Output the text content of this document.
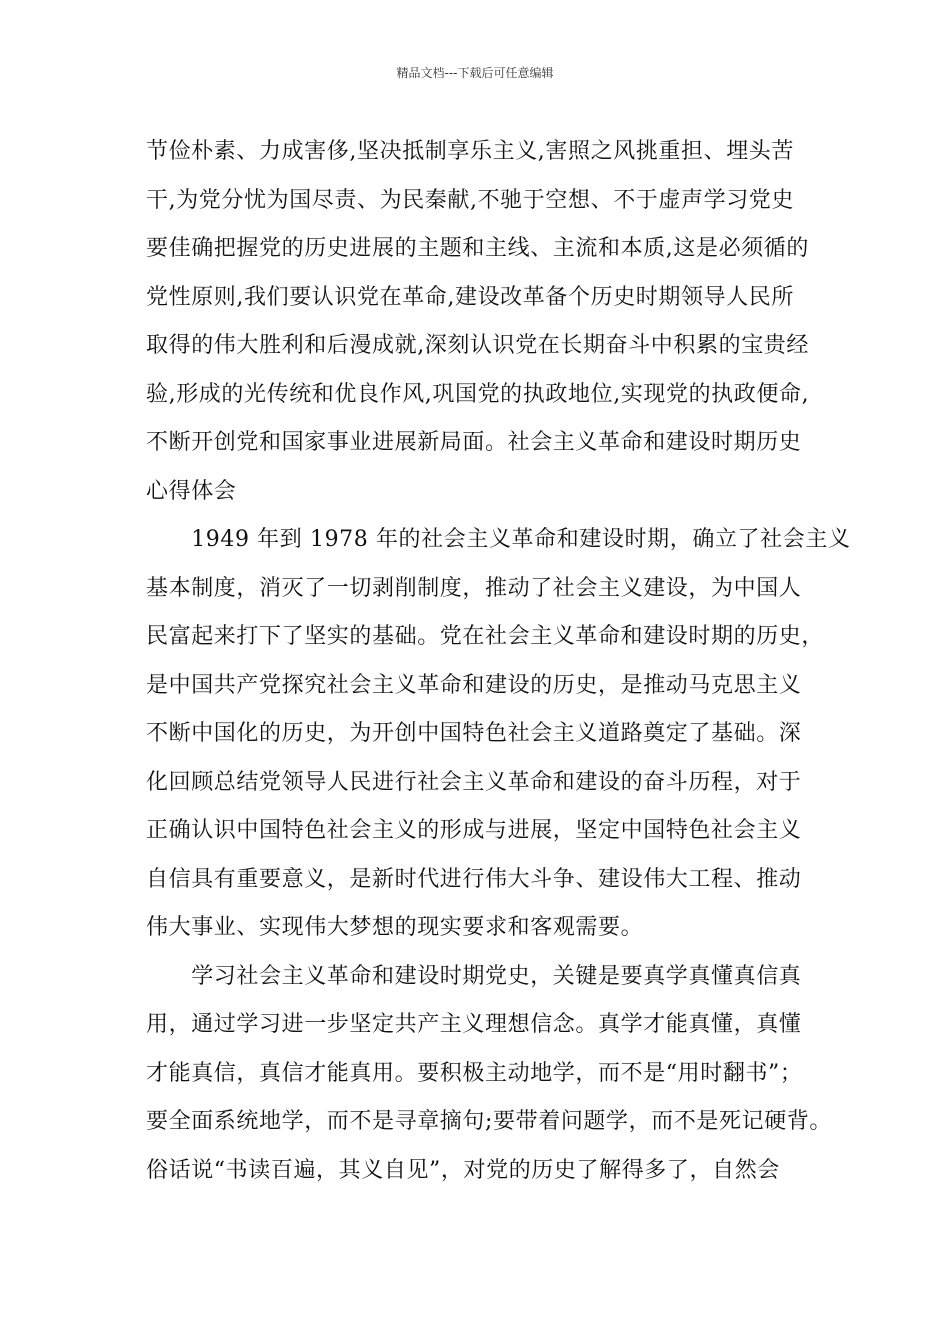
精品文档---下载后可任意编辑
节俭朴素、力成害侈,坚决抵制享乐主义,害照之风挑重担、埋头苦
干,为党分忧为国尽责、为民秦献,不驰于空想、不于虚声学习党史
要佳确把握党的历史进展的主题和主线、主流和本质,这是必须循的
党性原则,我们要认识党在革命,建设改革备个历史时期领导人民所
取得的伟大胜利和后漫成就,深刻认识党在长期奋斗中积累的宝贵经
验,形成的光传统和优良作风,巩国党的执政地位,实现党的执政便命,
不断开创党和国家事业进展新局面。社会主义革命和建设时期历史
心得体会
　　1949 年到 1978 年的社会主义革命和建设时期，确立了社会主义
基本制度，消灭了一切剥削制度，推动了社会主义建设，为中国人
民富起来打下了坚实的基础。党在社会主义革命和建设时期的历史，
是中国共产党探究社会主义革命和建设的历史，是推动马克思主义
不断中国化的历史，为开创中国特色社会主义道路奠定了基础。深
化回顾总结党领导人民进行社会主义革命和建设的奋斗历程，对于
正确认识中国特色社会主义的形成与进展，坚定中国特色社会主义
自信具有重要意义，是新时代进行伟大斗争、建设伟大工程、推动
伟大事业、实现伟大梦想的现实要求和客观需要。
　　学习社会主义革命和建设时期党史，关键是要真学真懂真信真
用，通过学习进一步坚定共产主义理想信念。真学才能真懂，真懂
才能真信，真信才能真用。要积极主动地学，而不是“用时翻书”；
要全面系统地学，而不是寻章摘句;要带着问题学，而不是死记硬背。
俗话说“书读百遍，其义自见”，对党的历史了解得多了，自然会
